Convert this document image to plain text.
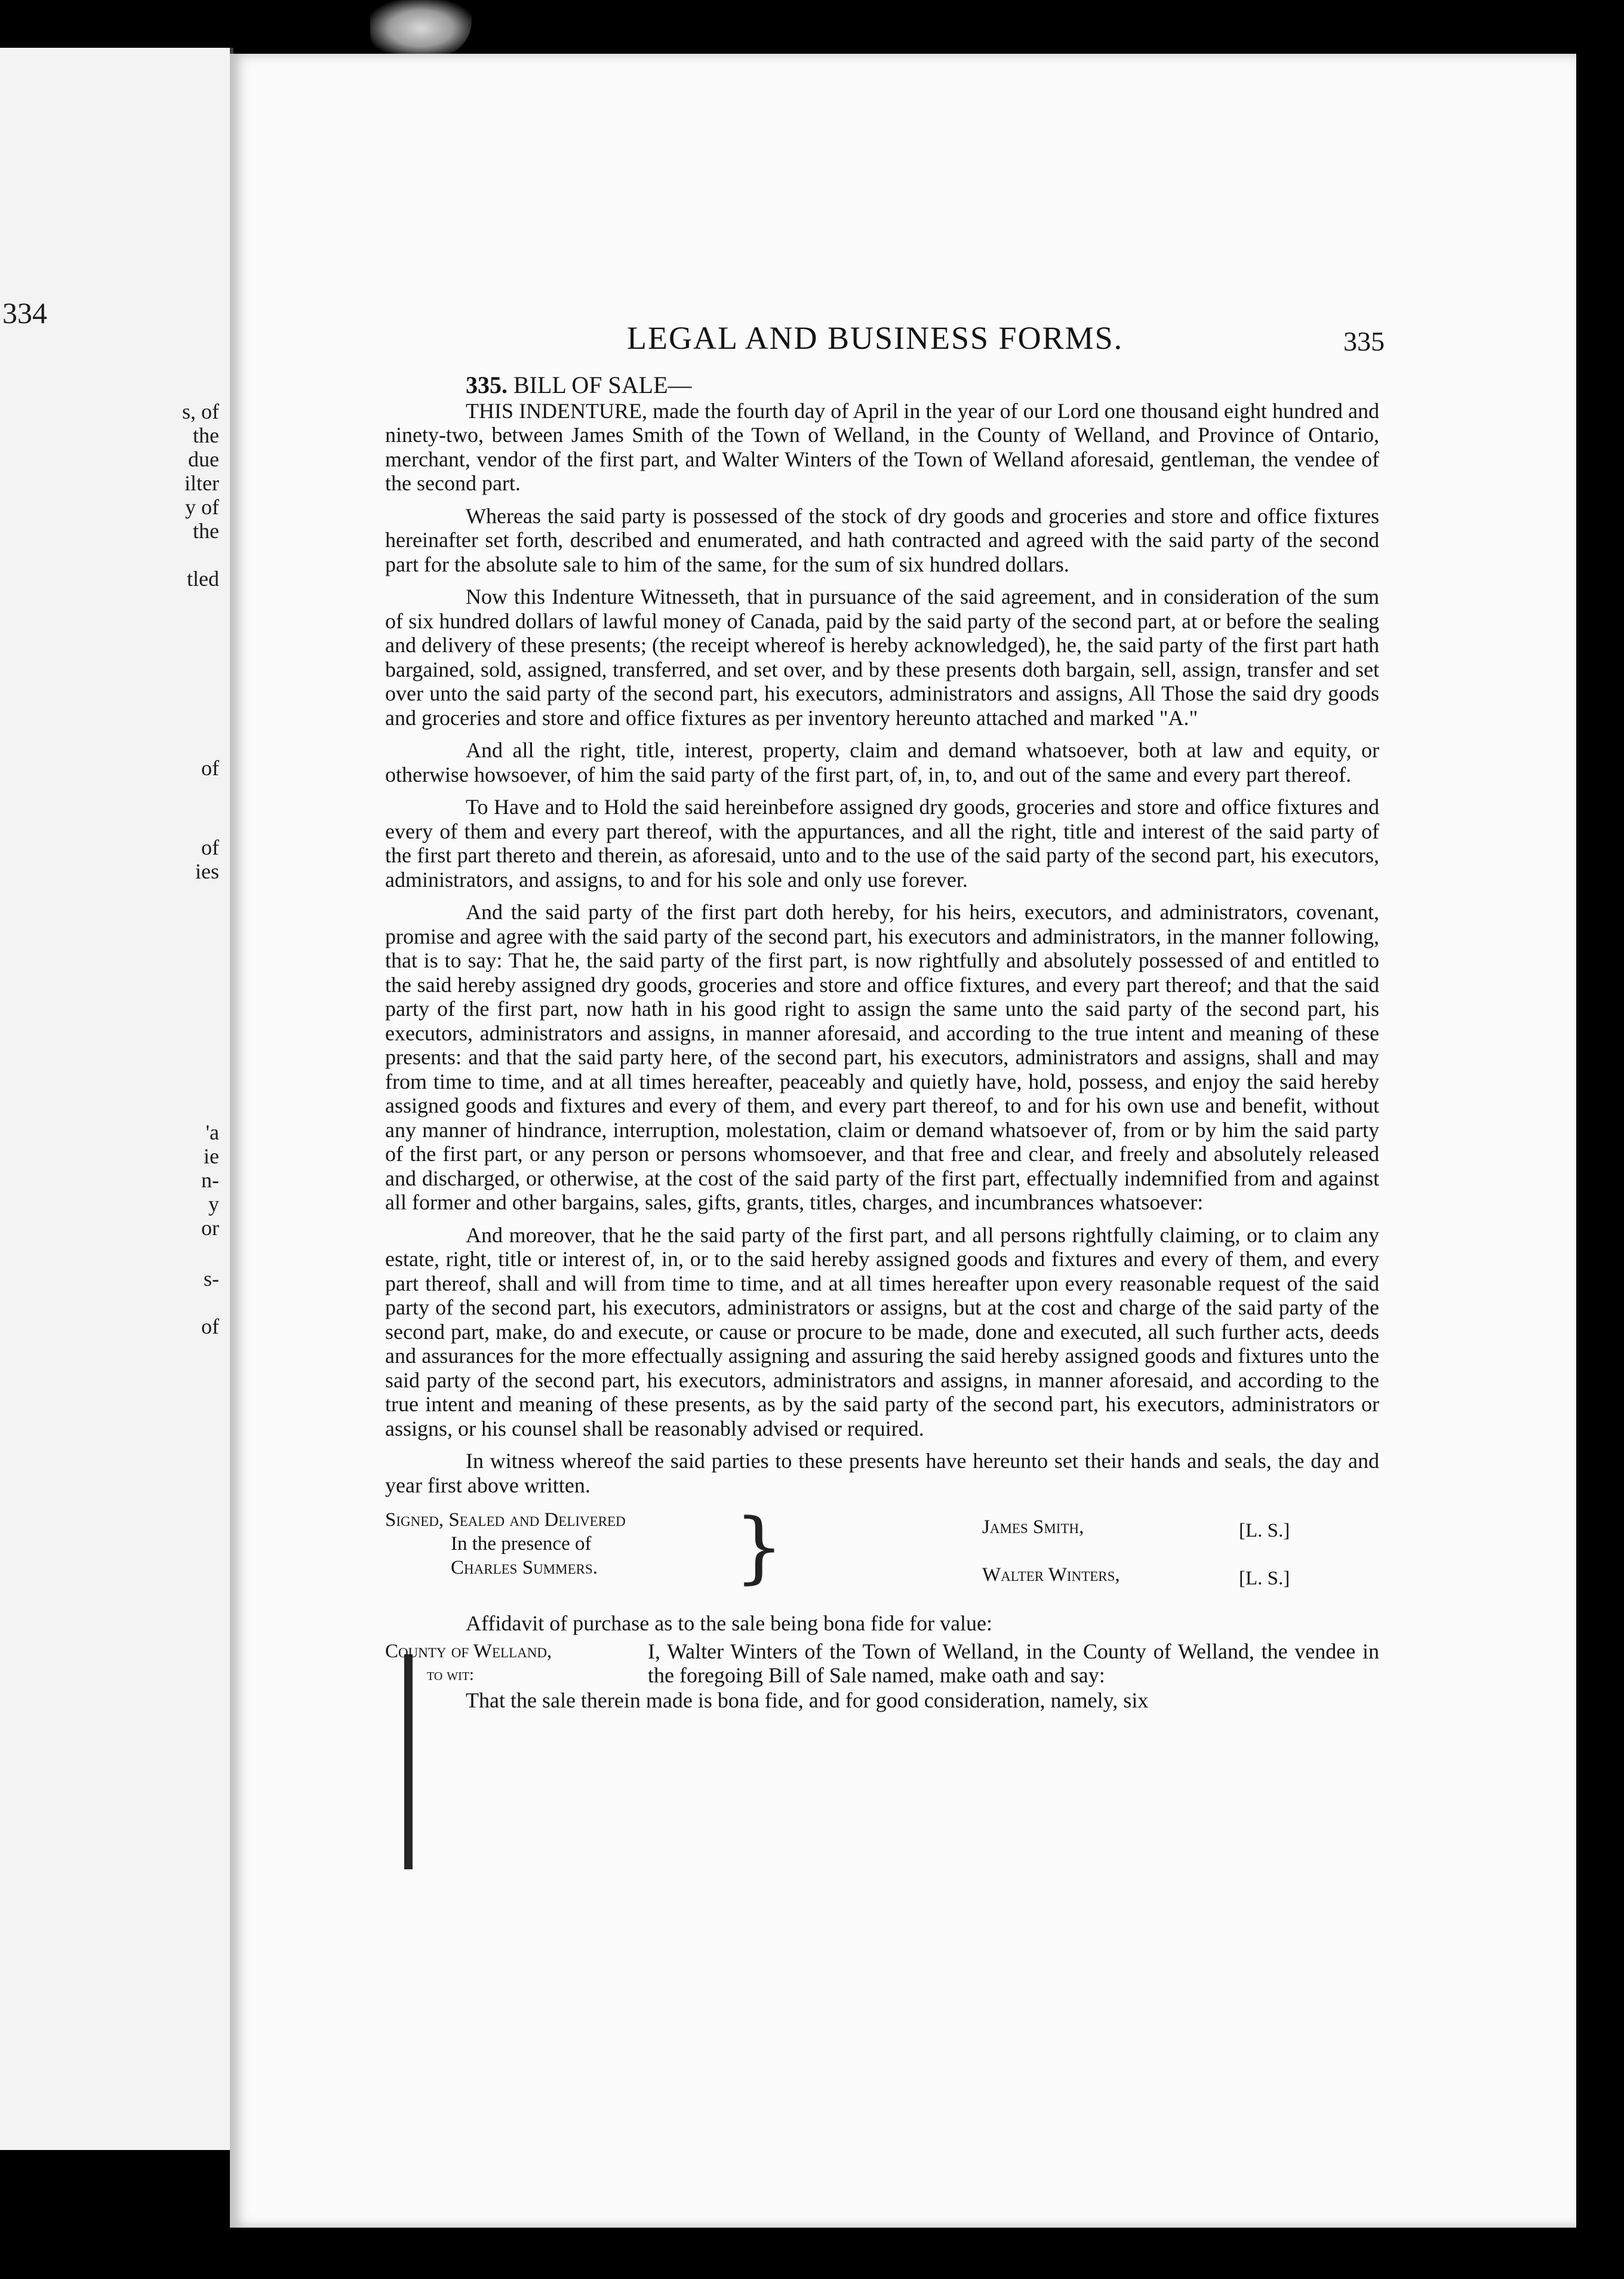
334
s, of
the
due
ilter
y of
the
tled
of
of
ies
'a
ie
n-
y
or
s-
of
LEGAL AND BUSINESS FORMS.	335
335. BILL OF SALE—

THIS INDENTURE, made the fourth day of April in the year of our Lord one thousand eight hundred and ninety-two, between James Smith of the Town of Welland, in the County of Welland, and Province of Ontario, merchant, vendor of the first part, and Walter Winters of the Town of Welland aforesaid, gentleman, the vendee of the second part.

Whereas the said party is possessed of the stock of dry goods and groceries and store and office fixtures hereinafter set forth, described and enumerated, and hath contracted and agreed with the said party of the second part for the absolute sale to him of the same, for the sum of six hundred dollars.

Now this Indenture Witnesseth, that in pursuance of the said agreement, and in consideration of the sum of six hundred dollars of lawful money of Canada, paid by the said party of the second part, at or before the sealing and delivery of these presents; (the receipt whereof is hereby acknowledged), he, the said party of the first part hath bargained, sold, assigned, transferred, and set over, and by these presents doth bargain, sell, assign, transfer and set over unto the said party of the second part, his executors, administrators and assigns, All Those the said dry goods and groceries and store and office fixtures as per inventory hereunto attached and marked "A."

And all the right, title, interest, property, claim and demand whatsoever, both at law and equity, or otherwise howsoever, of him the said party of the first part, of, in, to, and out of the same and every part thereof.

To Have and to Hold the said hereinbefore assigned dry goods, groceries and store and office fixtures and every of them and every part thereof, with the appurtances, and all the right, title and interest of the said party of the first part thereto and therein, as aforesaid, unto and to the use of the said party of the second part, his executors, administrators, and assigns, to and for his sole and only use forever.

And the said party of the first part doth hereby, for his heirs, executors, and administrators, covenant, promise and agree with the said party of the second part, his executors and administrators, in the manner following, that is to say: That he, the said party of the first part, is now rightfully and absolutely possessed of and entitled to the said hereby assigned dry goods, groceries and store and office fixtures, and every part thereof; and that the said party of the first part, now hath in his good right to assign the same unto the said party of the second part, his executors, administrators and assigns, in manner aforesaid, and according to the true intent and meaning of these presents: and that the said party here, of the second part, his executors, administrators and assigns, shall and may from time to time, and at all times hereafter, peaceably and quietly have, hold, possess, and enjoy the said hereby assigned goods and fixtures and every of them, and every part thereof, to and for his own use and benefit, without any manner of hindrance, interruption, molestation, claim or demand whatsoever of, from or by him the said party of the first part, or any person or persons whomsoever, and that free and clear, and freely and absolutely released and discharged, or otherwise, at the cost of the said party of the first part, effectually indemnified from and against all former and other bargains, sales, gifts, grants, titles, charges, and incumbrances whatsoever:

And moreover, that he the said party of the first part, and all persons rightfully claiming, or to claim any estate, right, title or interest of, in, or to the said hereby assigned goods and fixtures and every of them, and every part thereof, shall and will from time to time, and at all times hereafter upon every reasonable request of the said party of the second part, his executors, administrators or assigns, but at the cost and charge of the said party of the second part, make, do and execute, or cause or procure to be made, done and executed, all such further acts, deeds and assurances for the more effectually assigning and assuring the said hereby assigned goods and fixtures unto the said party of the second part, his executors, administrators and assigns, in manner aforesaid, and according to the true intent and meaning of these presents, as by the said party of the second part, his executors, administrators or assigns, or his counsel shall be reasonably advised or required.

In witness whereof the said parties to these presents have hereunto set their hands and seals, the day and year first above written.

Signed, Sealed and Delivered
In the presence of
Charles Summers.	}	James Smith,	[L. S.]
Walter Winters,	[L. S.]
Affidavit of purchase as to the sale being bona fide for value:
County of Welland,
to wit:
I, Walter Winters of the Town of Welland, in the County of Welland, the vendee in the foregoing Bill of Sale named, make oath and say:

That the sale therein made is bona fide, and for good consideration, namely, six
